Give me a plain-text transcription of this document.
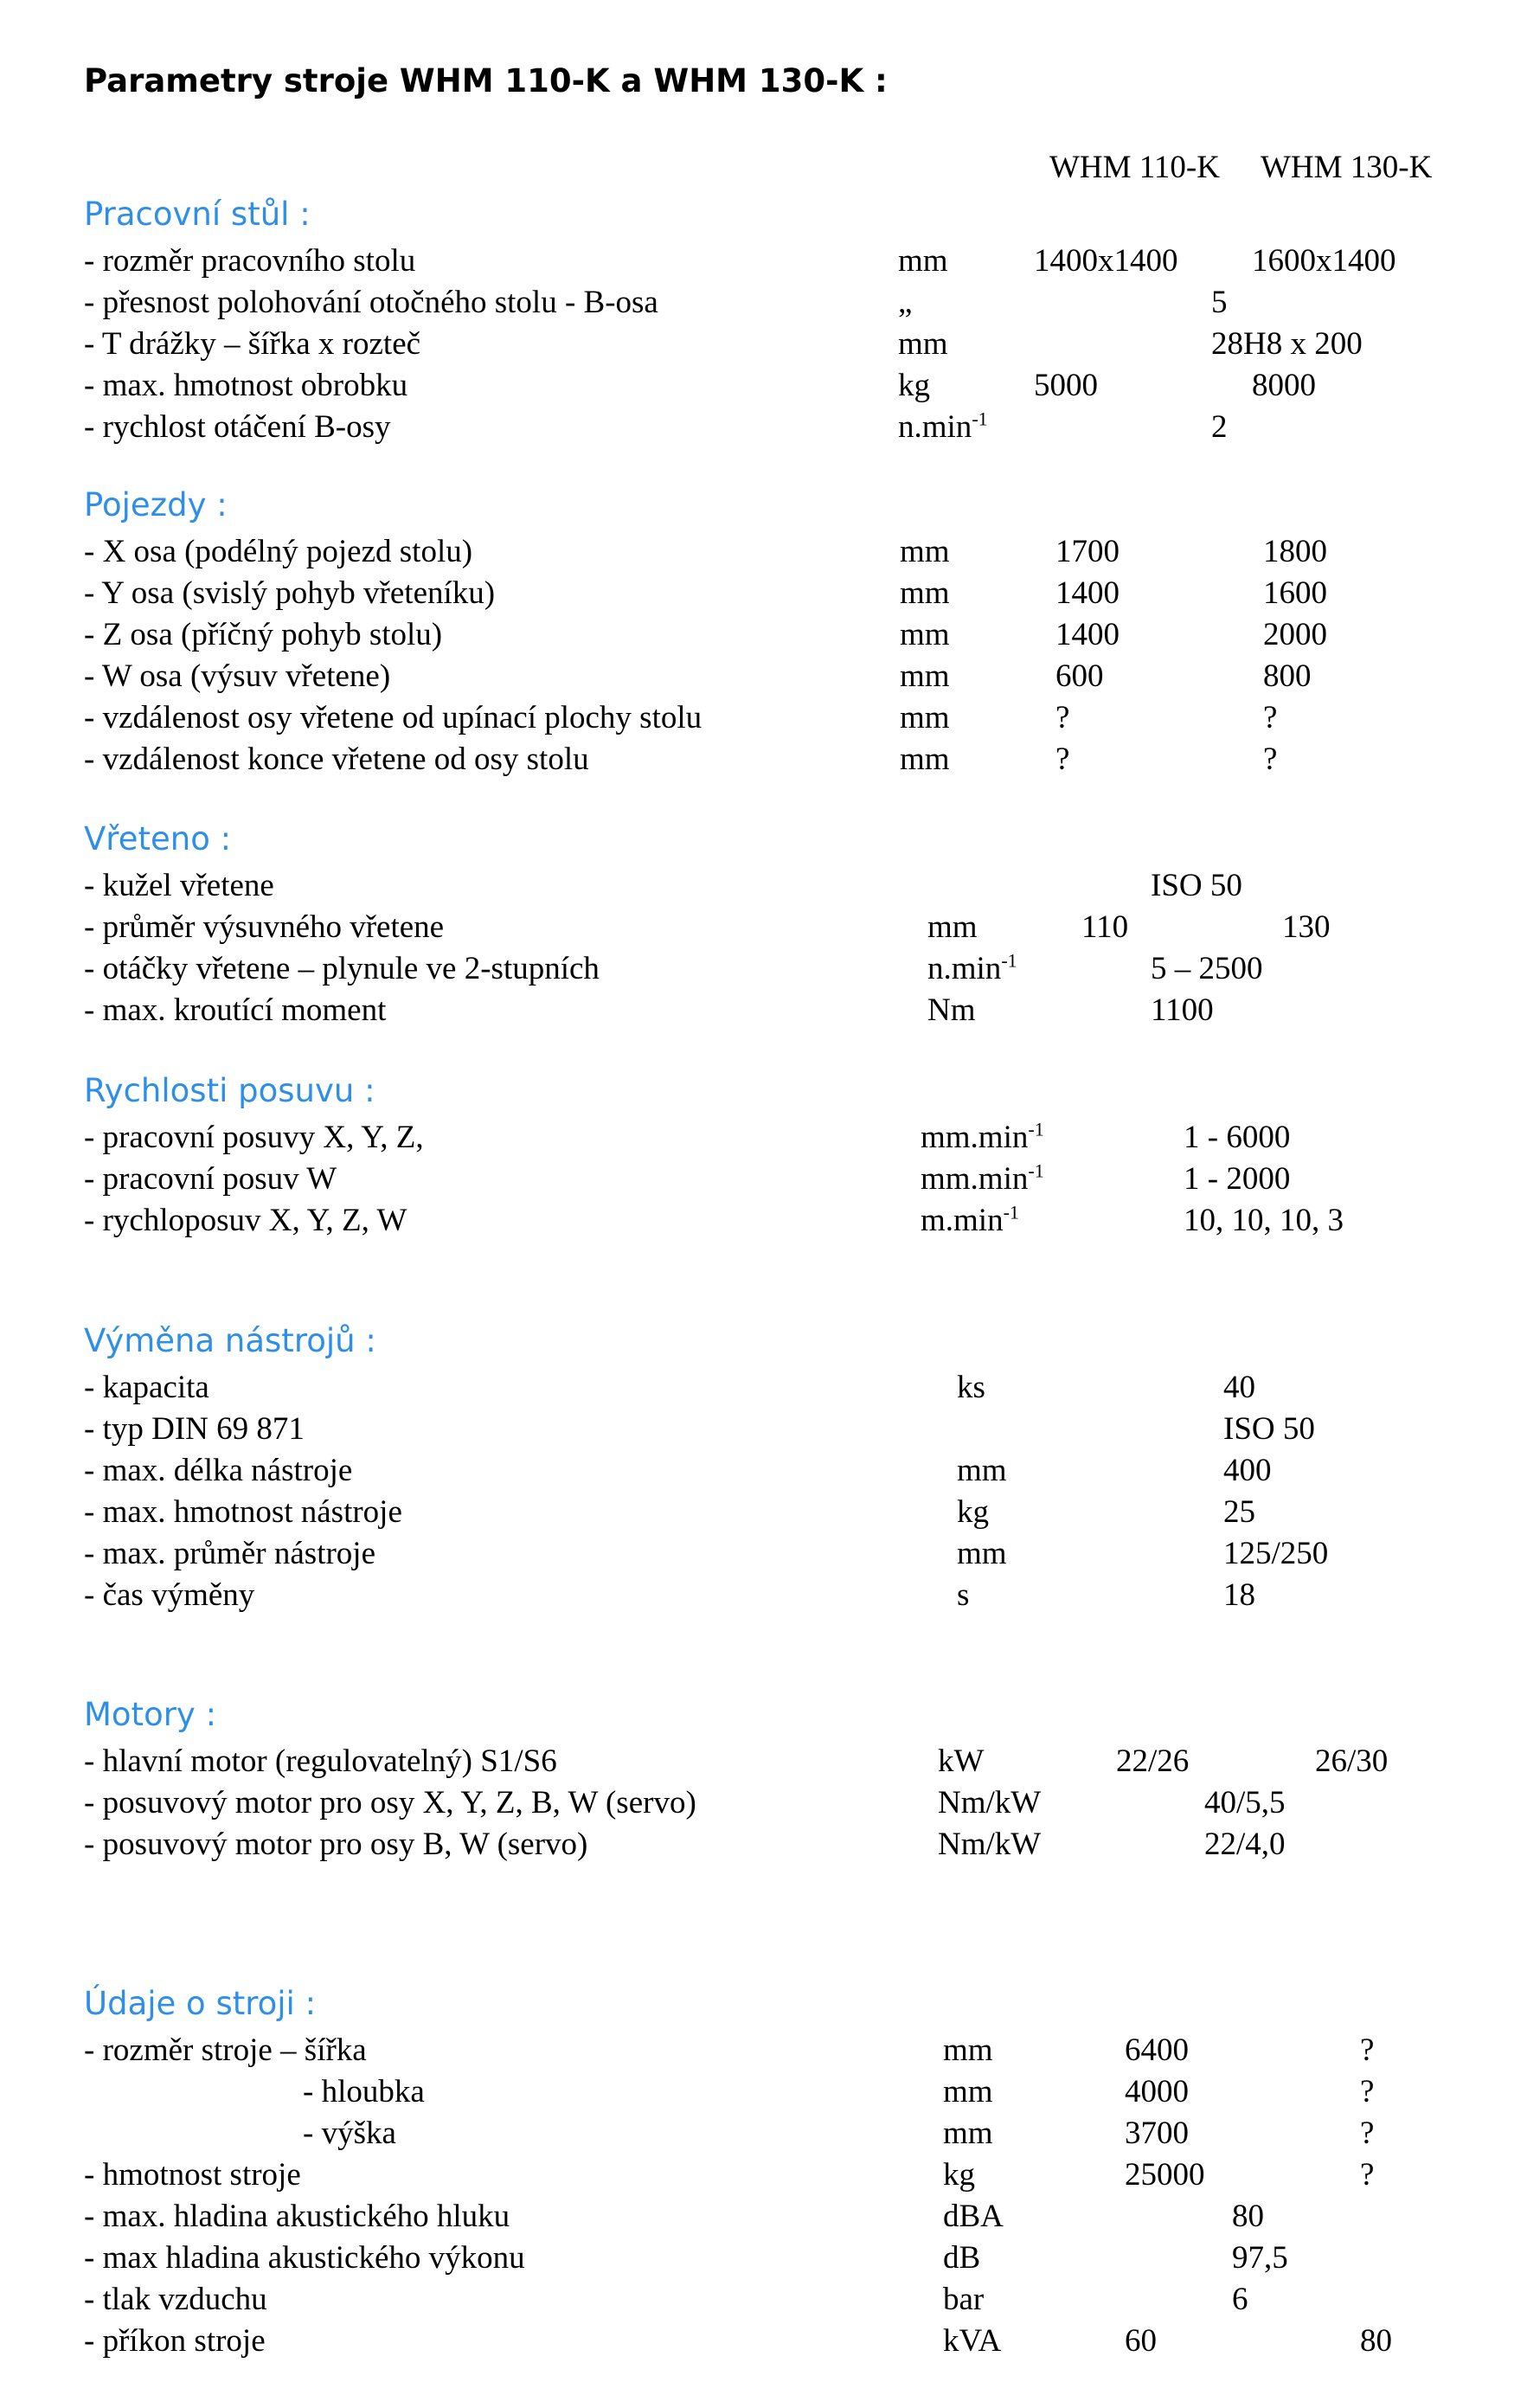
Parametry stroje WHM 110-K a WHM 130-K :
WHM 110-K WHM 130-K
Pracovní stůl :
- rozměr pracovního stolu	mm	1400x1400 1600x1400
- přesnost polohování otočného stolu - B-osa	„	5
- T drážky – šířka x rozteč	mm	28H8 x 200
- max. hmotnost obrobku	kg	5000	8000
- rychlost otáčení B-osy	$n.\min^{-1}$	2
Pojezdy :
- X osa (podélný pojezd stolu)	mm	1700	1800
- Y osa (svislý pohyb vřeteníku)	mm	1400	1600
- Z osa (příčný pohyb stolu)	mm	1400	2000
- W osa (výsuv vřetene)	mm	600	800
- vzdálenost osy vřetene od upínací plochy stolu	mm	?	?
- vzdálenost konce vřetene od osy stolu	mm	?	?
Vřeteno :
- kužel vřetene	ISO 50
- průměr výsuvného vřetene	mm	110	130
- otáčky vřetene – plynule ve 2-stupních	$n.\min^{-1}$	5 – 2500
- max. kroutící moment	Nm	1100
Rychlosti posuvu :
- pracovní posuvy X, Y, Z,	$mm.\min^{-1}$	1 - 6000
- pracovní posuv W	$mm.\min^{-1}$	1 - 2000
- rychloposuv X, Y, Z, W	$m.\min^{-1}$	10, 10, 10, 3
Výměna nástrojů :
- kapacita	ks	40
- typ DIN 69 871	ISO 50
- max. délka nástroje	mm	400
- max. hmotnost nástroje	kg	25
- max. průměr nástroje	mm	125/250
- čas výměny	s	18
Motory :
- hlavní motor (regulovatelný) S1/S6	kW	22/26	26/30
- posuvový motor pro osy X, Y, Z, B, W (servo)	Nm/kW	40/5,5
- posuvový motor pro osy B, W (servo)	Nm/kW	22/4,0
Údaje o stroji :
- rozměr stroje – šířka	mm	6400	?
- hloubka	mm	4000	?
- výška	mm	3700	?
- hmotnost stroje	kg	25000	?
- max. hladina akustického hluku	dBA	80
- max hladina akustického výkonu	dB	97,5
- tlak vzduchu	bar	6
- příkon stroje	kVA	60	80
